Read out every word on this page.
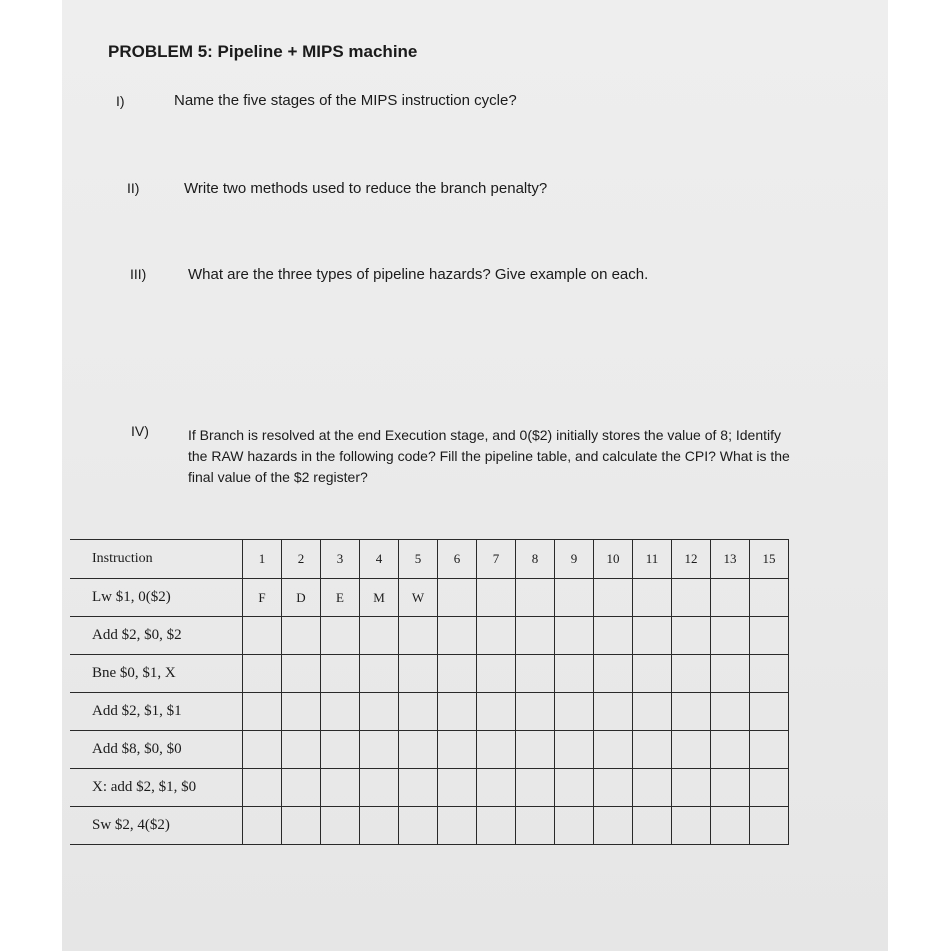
PROBLEM 5: Pipeline + MIPS machine
I)	Name the five stages of the MIPS instruction cycle?
II)	Write two methods used to reduce the branch penalty?
III)	What are the three types of pipeline hazards? Give example on each.
IV)	If Branch is resolved at the end Execution stage, and 0($2) initially stores the value of 8; Identify the RAW hazards in the following code? Fill the pipeline table, and calculate the CPI? What is the final value of the $2 register?
Instruction	1	2	3	4	5	6	7	8	9	10	11	12	13	15
Lw $1, 0($2)	F	D	E	M	W									
Add $2, $0, $2														
Bne $0, $1, X														
Add $2, $1, $1														
Add $8, $0, $0														
X: add $2, $1, $0														
Sw $2, 4($2)														
